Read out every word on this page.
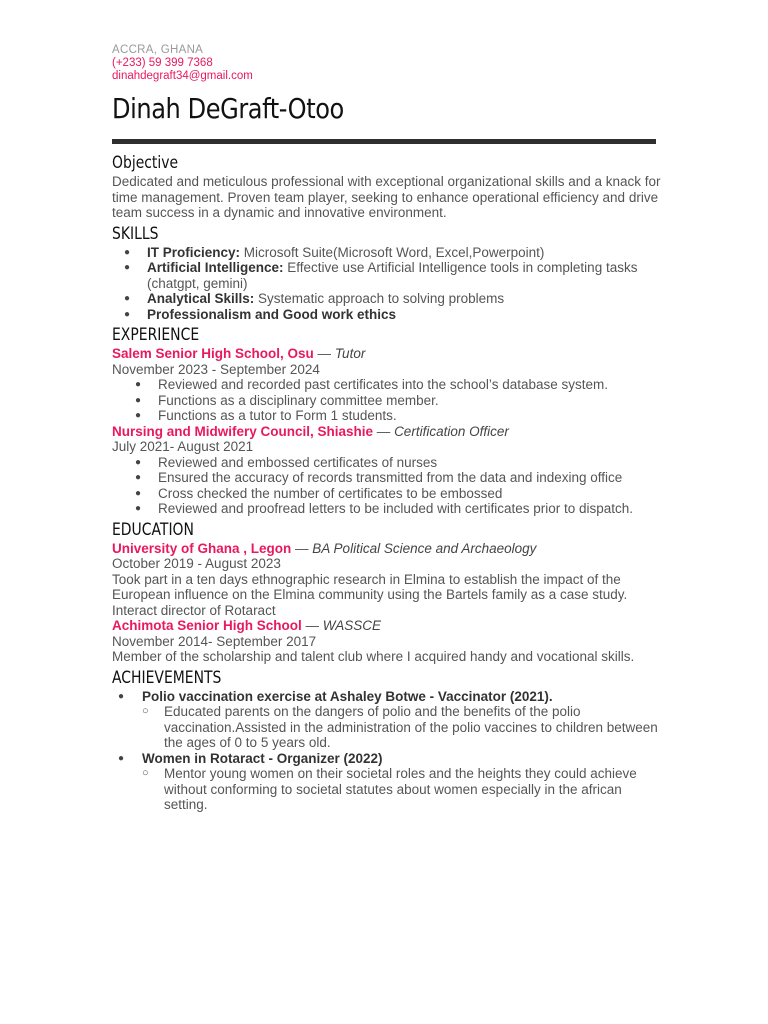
ACCRA, GHANA
(+233) 59 399 7368
dinahdegraft34@gmail.com
Dinah DeGraft-Otoo
Objective

Dedicated and meticulous professional with exceptional organizational skills and a knack for time management. Proven team player, seeking to enhance operational efficiency and drive team success in a dynamic and innovative environment.

SKILLS
● IT Proficiency: Microsoft Suite(Microsoft Word, Excel,Powerpoint)
● Artificial Intelligence: Effective use Artificial Intelligence tools in completing tasks (chatgpt, gemini)
● Analytical Skills: Systematic approach to solving problems
● Professionalism and Good work ethics
EXPERIENCE
Salem Senior High School, Osu — Tutor
November 2023 - September 2024
● Reviewed and recorded past certificates into the school’s database system.
● Functions as a disciplinary committee member.
● Functions as a tutor to Form 1 students.
Nursing and Midwifery Council, Shiashie — Certification Officer
July 2021- August 2021
● Reviewed and embossed certificates of nurses
● Ensured the accuracy of records transmitted from the data and indexing office
● Cross checked the number of certificates to be embossed
● Reviewed and proofread letters to be included with certificates prior to dispatch.
EDUCATION
University of Ghana , Legon — BA Political Science and Archaeology
October 2019 - August 2023

Took part in a ten days ethnographic research in Elmina to establish the impact of the European influence on the Elmina community using the Bartels family as a case study.

Interact director of Rotaract
Achimota Senior High School — WASSCE
November 2014- September 2017

Member of the scholarship and talent club where I acquired handy and vocational skills.

ACHIEVEMENTS
● Polio vaccination exercise at Ashaley Botwe - Vaccinator (2021).
○ Educated parents on the dangers of polio and the benefits of the polio vaccination.Assisted in the administration of the polio vaccines to children between the ages of 0 to 5 years old.
● Women in Rotaract - Organizer (2022)
○ Mentor young women on their societal roles and the heights they could achieve without conforming to societal statutes about women especially in the african setting.
